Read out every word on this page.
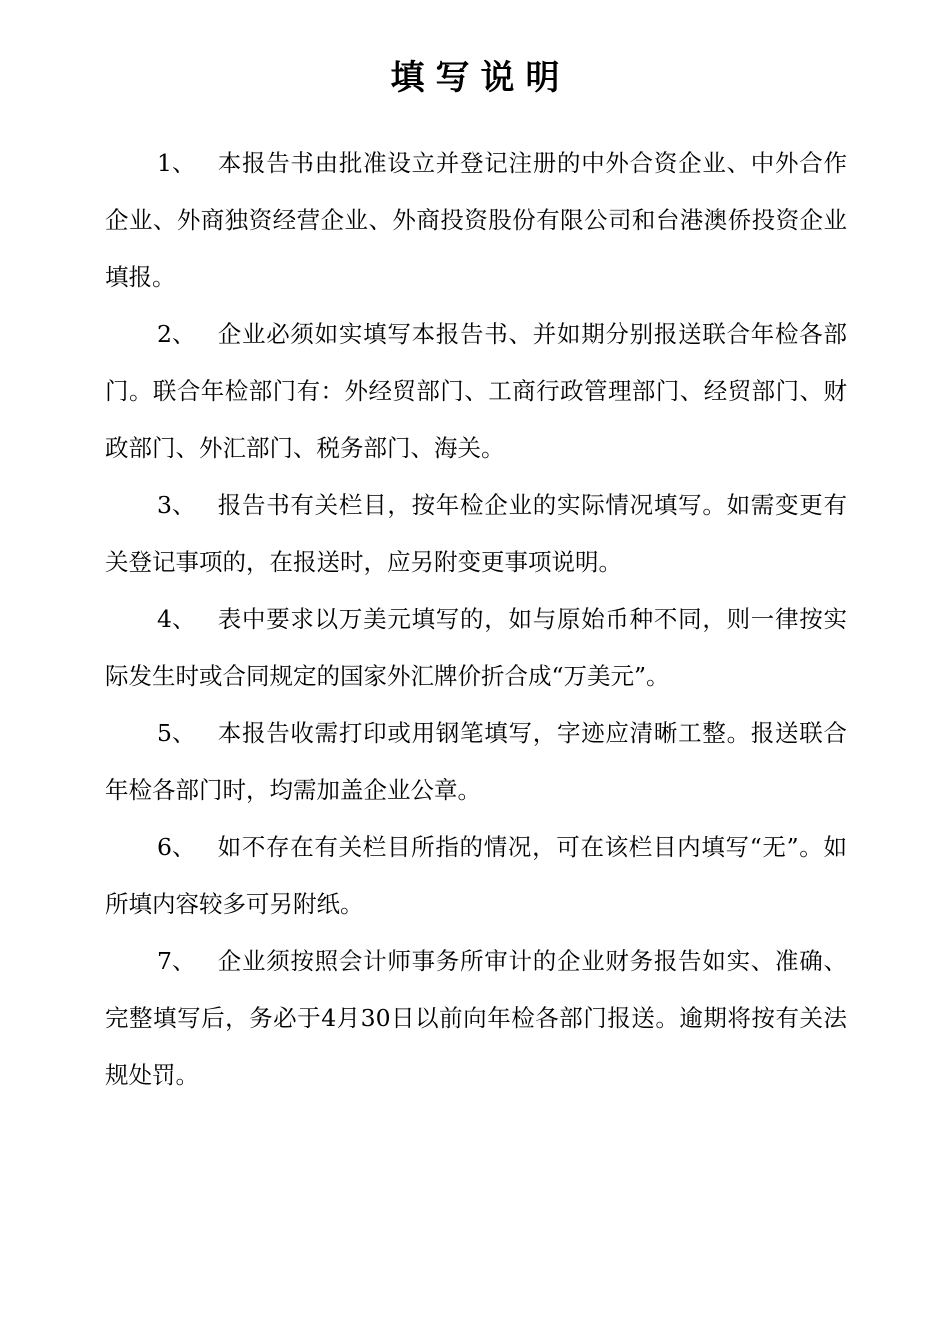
填写说明

1、 本报告书由批准设立并登记注册的中外合资企业、中外合作企业、外商独资经营企业、外商投资股份有限公司和台港澳侨投资企业填报。

2、 企业必须如实填写本报告书、并如期分别报送联合年检各部门。联合年检部门有：外经贸部门、工商行政管理部门、经贸部门、财政部门、外汇部门、税务部门、海关。

3、 报告书有关栏目，按年检企业的实际情况填写。如需变更有关登记事项的，在报送时，应另附变更事项说明。

4、 表中要求以万美元填写的，如与原始币种不同，则一律按实际发生时或合同规定的国家外汇牌价折合成“万美元”。

5、 本报告收需打印或用钢笔填写，字迹应清晰工整。报送联合年检各部门时，均需加盖企业公章。

6、 如不存在有关栏目所指的情况，可在该栏目内填写“无”。如所填内容较多可另附纸。

7、 企业须按照会计师事务所审计的企业财务报告如实、准确、完整填写后，务必于4月30日以前向年检各部门报送。逾期将按有关法规处罚。
